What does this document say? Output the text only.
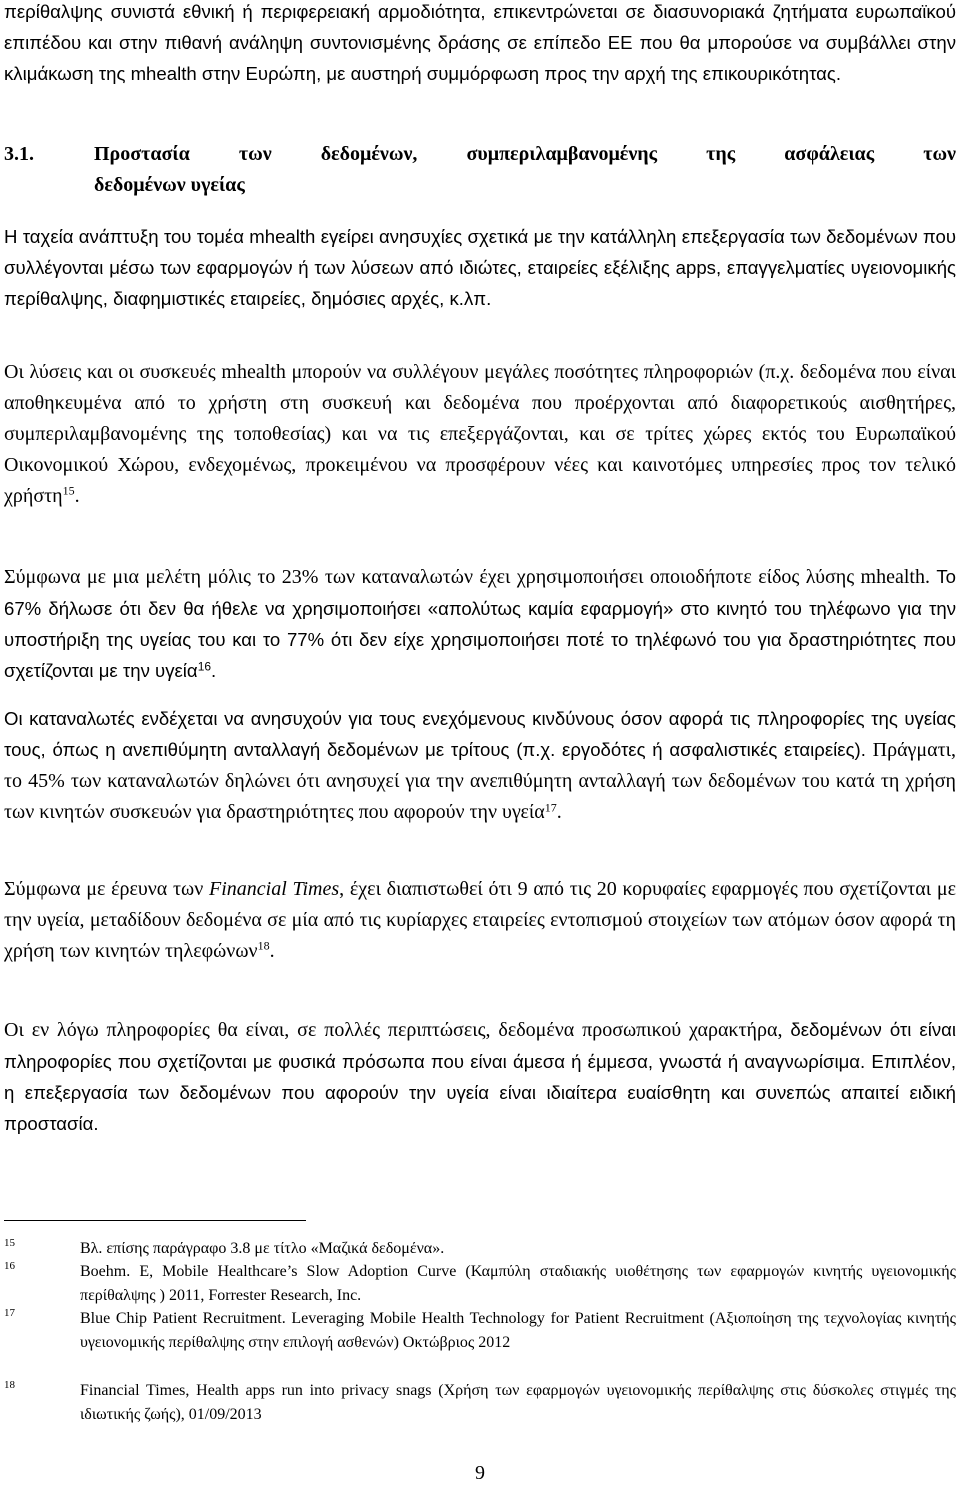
περίθαλψης συνιστά εθνική ή περιφερειακή αρμοδιότητα, επικεντρώνεται σε διασυνοριακά ζητήματα ευρωπαϊκού επιπέδου και στην πιθανή ανάληψη συντονισμένης δράσης σε επίπεδο ΕΕ που θα μπορούσε να συμβάλλει στην κλιμάκωση της mhealth στην Ευρώπη, με αυστηρή συμμόρφωση προς την αρχή της επικουρικότητας.

3.1.	Προστασία των δεδομένων, συμπεριλαμβανομένης της ασφάλειας των
δεδομένων υγείας

Η ταχεία ανάπτυξη του τομέα mhealth εγείρει ανησυχίες σχετικά με την κατάλληλη επεξεργασία των δεδομένων που συλλέγονται μέσω των εφαρμογών ή των λύσεων από ιδιώτες, εταιρείες εξέλιξης apps, επαγγελματίες υγειονομικής περίθαλψης, διαφημιστικές εταιρείες, δημόσιες αρχές, κ.λπ.

Οι λύσεις και οι συσκευές mhealth μπορούν να συλλέγουν μεγάλες ποσότητες πληροφοριών (π.χ. δεδομένα που είναι αποθηκευμένα από το χρήστη στη συσκευή και δεδομένα που προέρχονται από διαφορετικούς αισθητήρες, συμπεριλαμβανομένης της τοποθεσίας) και να τις επεξεργάζονται, και σε τρίτες χώρες εκτός του Ευρωπαϊκού Οικονομικού Χώρου, ενδεχομένως, προκειμένου να προσφέρουν νέες και καινοτόμες υπηρεσίες προς τον τελικό χρήστη$^{15}$.

Σύμφωνα με μια μελέτη μόλις το 23% των καταναλωτών έχει χρησιμοποιήσει οποιοδήποτε είδος λύσης mhealth. Το 67% δήλωσε ότι δεν θα ήθελε να χρησιμοποιήσει «απολύτως καμία εφαρμογή» στο κινητό του τηλέφωνο για την υποστήριξη της υγείας του και το 77% ότι δεν είχε χρησιμοποιήσει ποτέ το τηλέφωνό του για δραστηριότητες που σχετίζονται με την υγεία$^{16}$.

Οι καταναλωτές ενδέχεται να ανησυχούν για τους ενεχόμενους κινδύνους όσον αφορά τις πληροφορίες της υγείας τους, όπως η ανεπιθύμητη ανταλλαγή δεδομένων με τρίτους (π.χ. εργοδότες ή ασφαλιστικές εταιρείες). Πράγματι, το 45% των καταναλωτών δηλώνει ότι ανησυχεί για την ανεπιθύμητη ανταλλαγή των δεδομένων του κατά τη χρήση των κινητών συσκευών για δραστηριότητες που αφορούν την υγεία$^{17}$.

Σύμφωνα με έρευνα των Financial Times, έχει διαπιστωθεί ότι 9 από τις 20 κορυφαίες εφαρμογές που σχετίζονται με την υγεία, μεταδίδουν δεδομένα σε μία από τις κυρίαρχες εταιρείες εντοπισμού στοιχείων των ατόμων όσον αφορά τη χρήση των κινητών τηλεφώνων$^{18}$.

Οι εν λόγω πληροφορίες θα είναι, σε πολλές περιπτώσεις, δεδομένα προσωπικού χαρακτήρα, δεδομένων ότι είναι πληροφορίες που σχετίζονται με φυσικά πρόσωπα που είναι άμεσα ή έμμεσα, γνωστά ή αναγνωρίσιμα. Επιπλέον, η επεξεργασία των δεδομένων που αφορούν την υγεία είναι ιδιαίτερα ευαίσθητη και συνεπώς απαιτεί ειδική προστασία.

15	Βλ. επίσης παράγραφο 3.8 με τίτλο «Μαζικά δεδομένα».
16	Boehm. E, Mobile Healthcare’s Slow Adoption Curve (Καμπύλη σταδιακής υιοθέτησης των εφαρμογών κινητής υγειονομικής περίθαλψης ) 2011, Forrester Research, Inc.
17	Blue Chip Patient Recruitment. Leveraging Mobile Health Technology for Patient Recruitment (Αξιοποίηση της τεχνολογίας κινητής υγειονομικής περίθαλψης στην επιλογή ασθενών) Οκτώβριος 2012
18	Financial Times, Health apps run into privacy snags (Χρήση των εφαρμογών υγειονομικής περίθαλψης στις δύσκολες στιγμές της ιδιωτικής ζωής), 01/09/2013
9
